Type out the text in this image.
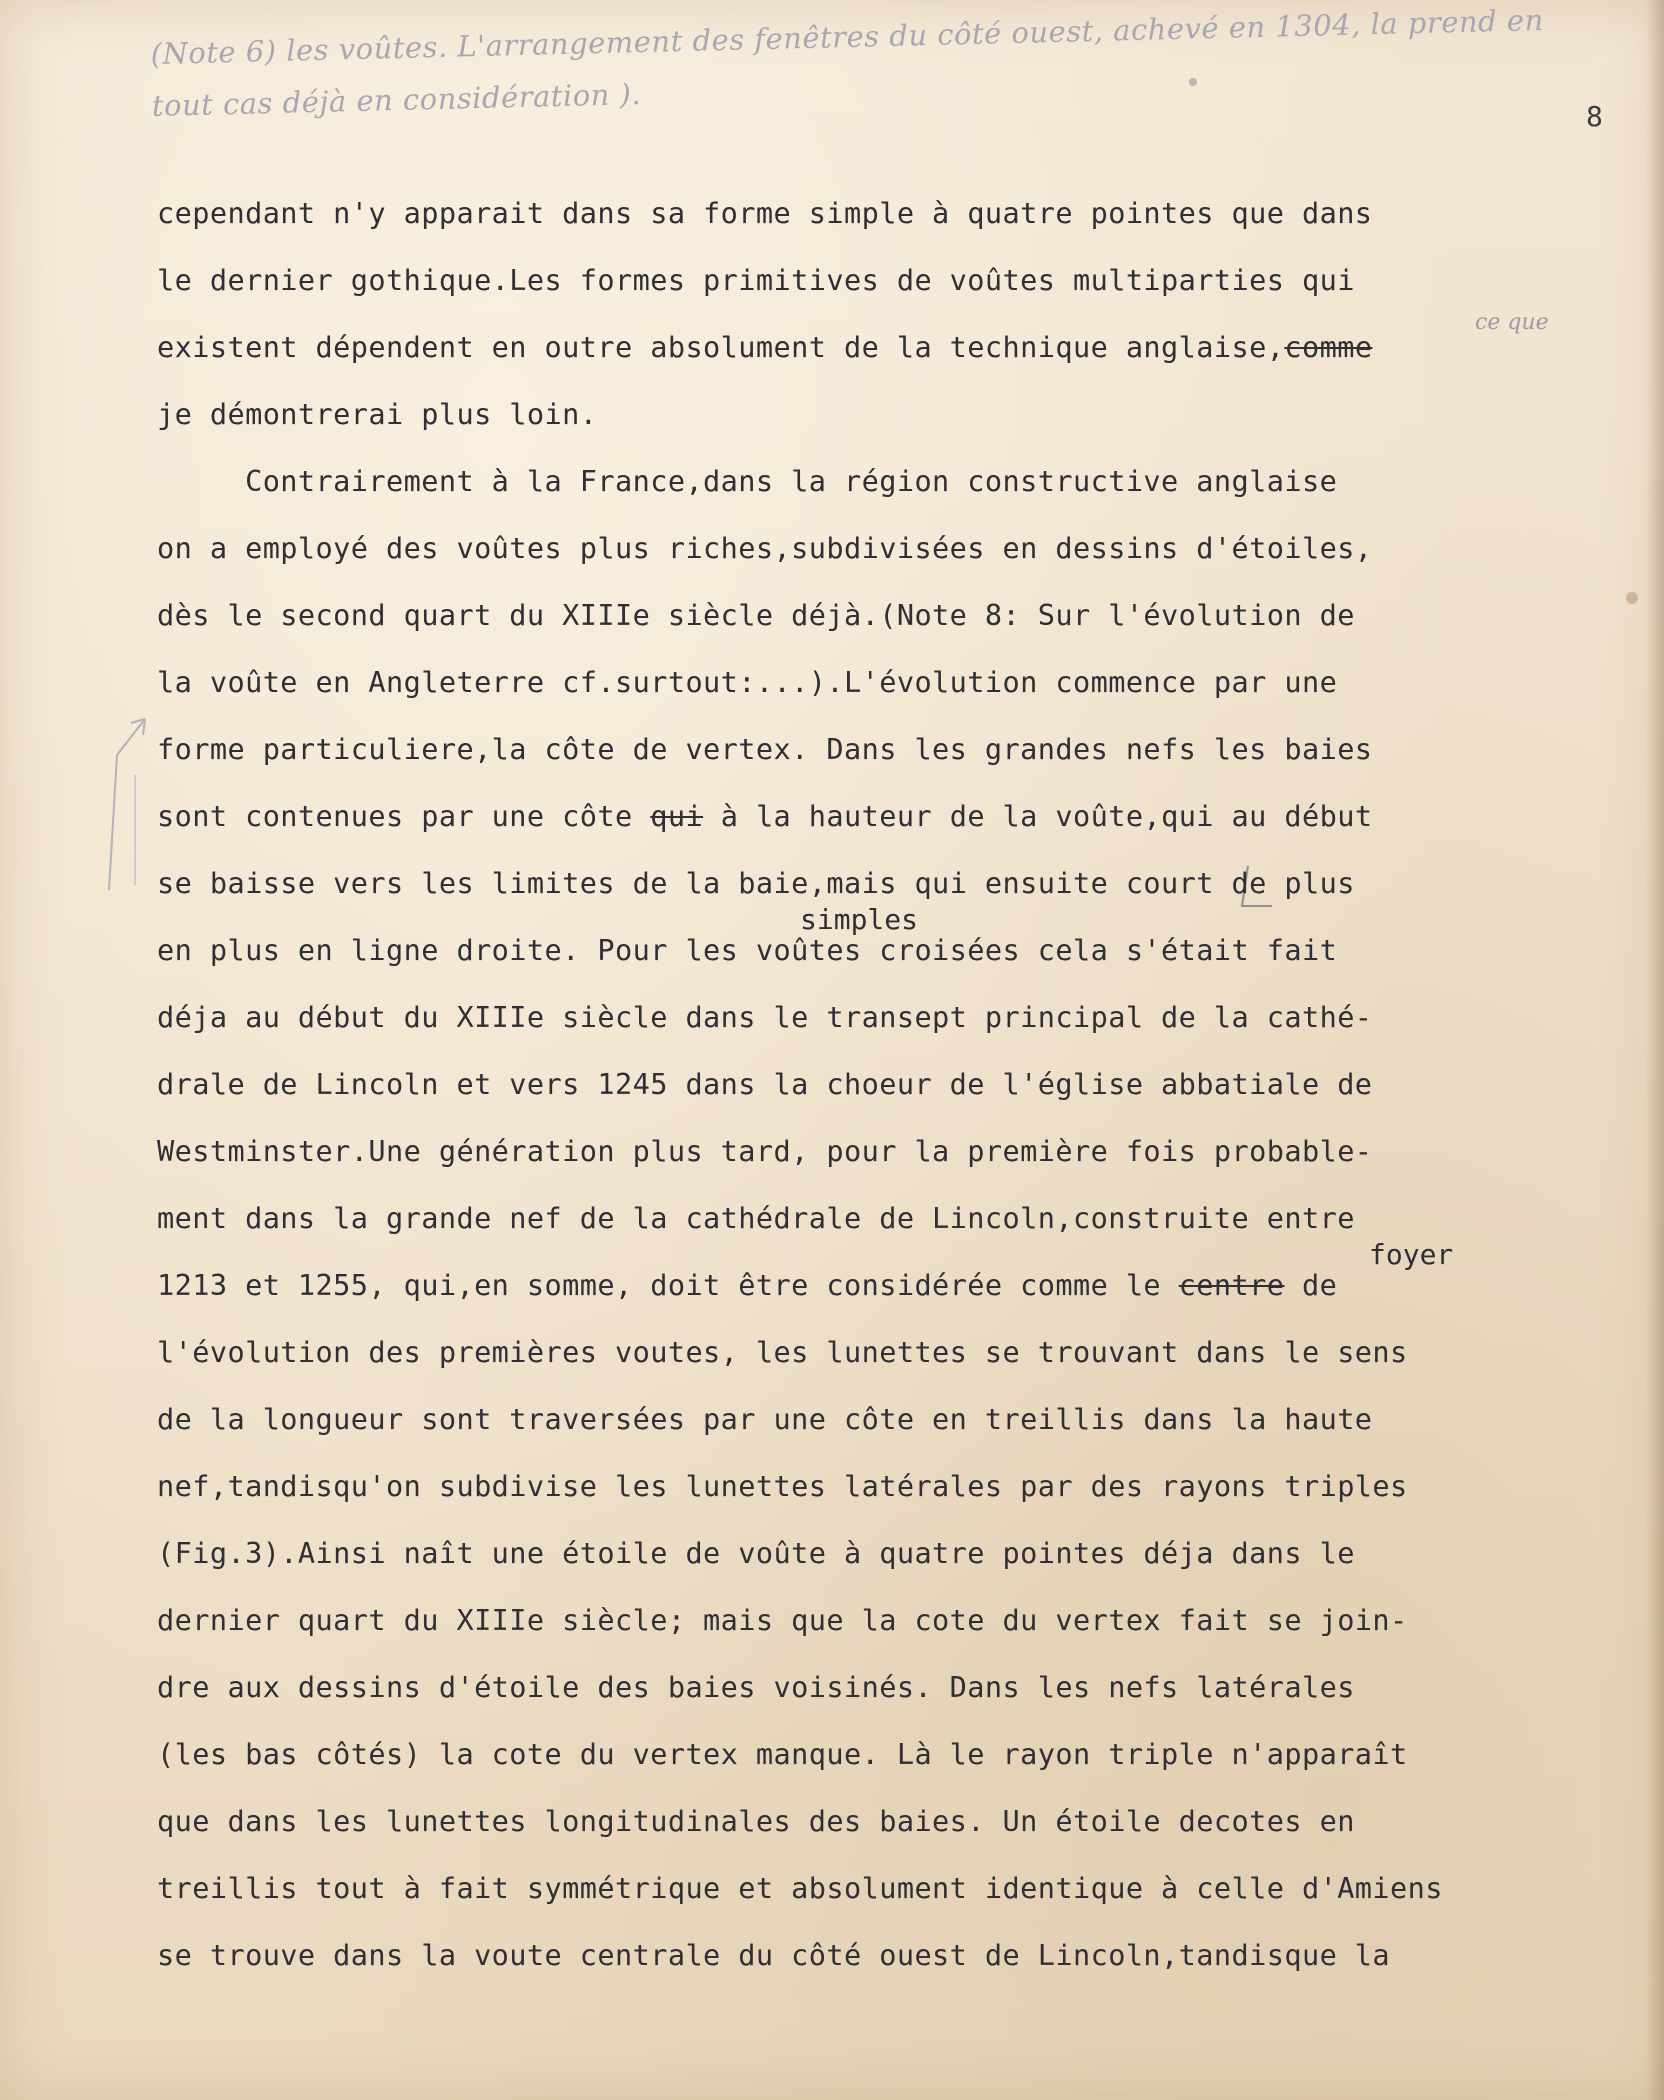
(Note 6) les voûtes. L'arrangement des fenêtres du côté ouest, achevé en 1304, la prend en
tout cas déjà en considération ).	8
cependant n'y apparait dans sa forme simple à quatre pointes que dans
le dernier gothique.Les formes primitives de voûtes multiparties qui
existent dépendent en outre absolument de la technique anglaise,comme
ce que
je démontrerai plus loin.
Contrairement à la France,dans la région constructive anglaise
on a employé des voûtes plus riches,subdivisées en dessins d'étoiles,
dès le second quart du XIIIe siècle déjà.(Note 8: Sur l'évolution de
la voûte en Angleterre cf.surtout:...).L'évolution commence par une
forme particuliere,la côte de vertex. Dans les grandes nefs les baies
sont contenues par une côte qui à la hauteur de la voûte,qui au début
se baisse vers les limites de la baie,mais qui ensuite court de plus
simples
en plus en ligne droite. Pour les voûtes croisées cela s'était fait
déja au début du XIIIe siècle dans le transept principal de la cathé-
drale de Lincoln et vers 1245 dans la choeur de l'église abbatiale de
Westminster.Une génération plus tard, pour la première fois probable-
ment dans la grande nef de la cathédrale de Lincoln,construite entre
foyer
1213 et 1255, qui,en somme, doit être considérée comme le centre de
l'évolution des premières voutes, les lunettes se trouvant dans le sens
de la longueur sont traversées par une côte en treillis dans la haute
nef,tandisqu'on subdivise les lunettes latérales par des rayons triples
(Fig.3).Ainsi naît une étoile de voûte à quatre pointes déja dans le
dernier quart du XIIIe siècle; mais que la cote du vertex fait se join-
dre aux dessins d'étoile des baies voisinés. Dans les nefs latérales
(les bas côtés) la cote du vertex manque. Là le rayon triple n'apparaît
que dans les lunettes longitudinales des baies. Un étoile decotes en
treillis tout à fait symmétrique et absolument identique à celle d'Amiens
se trouve dans la voute centrale du côté ouest de Lincoln,tandisque la
